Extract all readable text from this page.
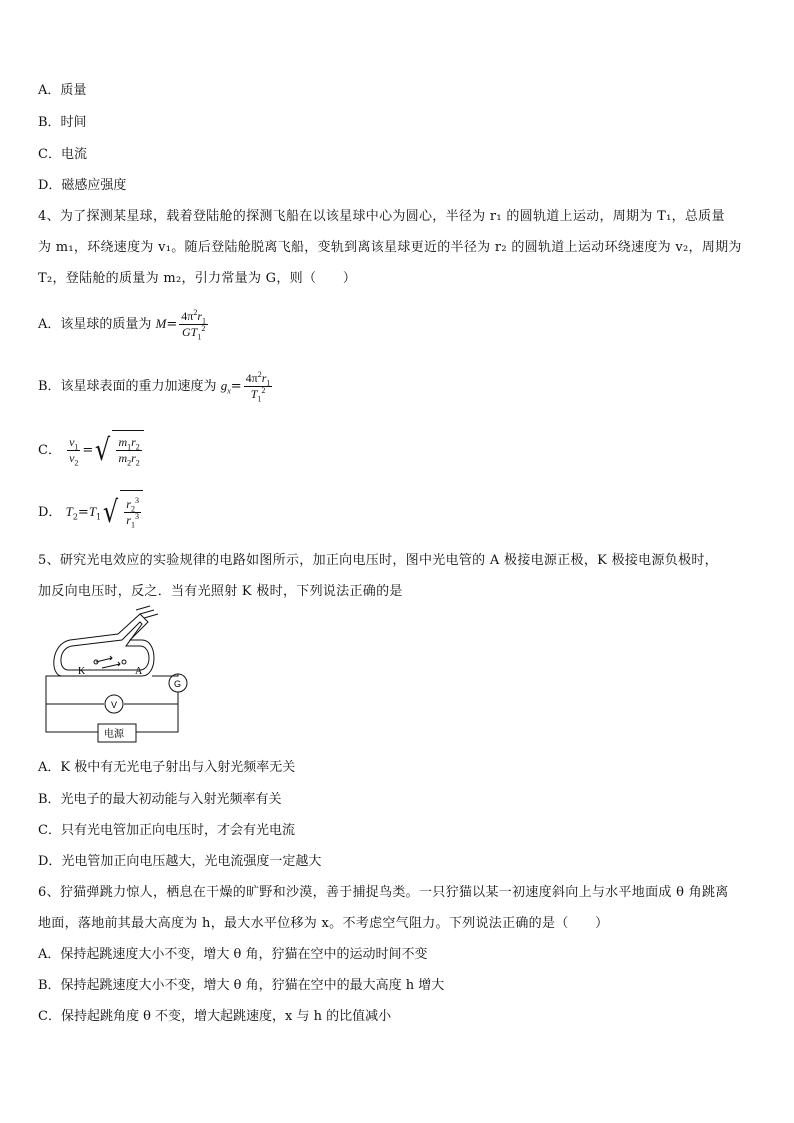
A．质量
B．时间
C．电流
D．磁感应强度
4、为了探测某星球，载着登陆舱的探测飞船在以该星球中心为圆心，半径为 r₁ 的圆轨道上运动，周期为 T₁，总质量
为 m₁，环绕速度为 v₁。随后登陆舱脱离飞船，变轨到离该星球更近的半径为 r₂ 的圆轨道上运动环绕速度为 v₂，周期为
T₂，登陆舱的质量为 m₂，引力常量为 G，则（　　）
A．该星球的质量为 $M= \frac{4\pi^2r_1}{GT_1^2}$
B．该星球表面的重力加速度为 $g_x= \frac{4\pi^2r_1}{T_1^2}$
C． $\frac{v_1}{v_2}$ =√ $\frac{m_1r_2}{m_2r_2}$
D． $T_2=T_1√ \frac{r_2^3}{r_1^3}$
5、研究光电效应的实验规律的电路如图所示，加正向电压时，图中光电管的 A 极接电源正极，K 极接电源负极时，
加反向电压时，反之．当有光照射 K 极时，下列说法正确的是
K	A
V
G
电源
A．K 极中有无光电子射出与入射光频率无关
B．光电子的最大初动能与入射光频率有关
C．只有光电管加正向电压时，才会有光电流
D．光电管加正向电压越大，光电流强度一定越大
6、狞猫弹跳力惊人，栖息在干燥的旷野和沙漠，善于捕捉鸟类。一只狞猫以某一初速度斜向上与水平地面成 θ 角跳离
地面，落地前其最大高度为 h，最大水平位移为 x。不考虑空气阻力。下列说法正确的是（　　）
A．保持起跳速度大小不变，增大 θ 角，狞猫在空中的运动时间不变
B．保持起跳速度大小不变，增大 θ 角，狞猫在空中的最大高度 h 增大
C．保持起跳角度 θ 不变，增大起跳速度，x 与 h 的比值减小
